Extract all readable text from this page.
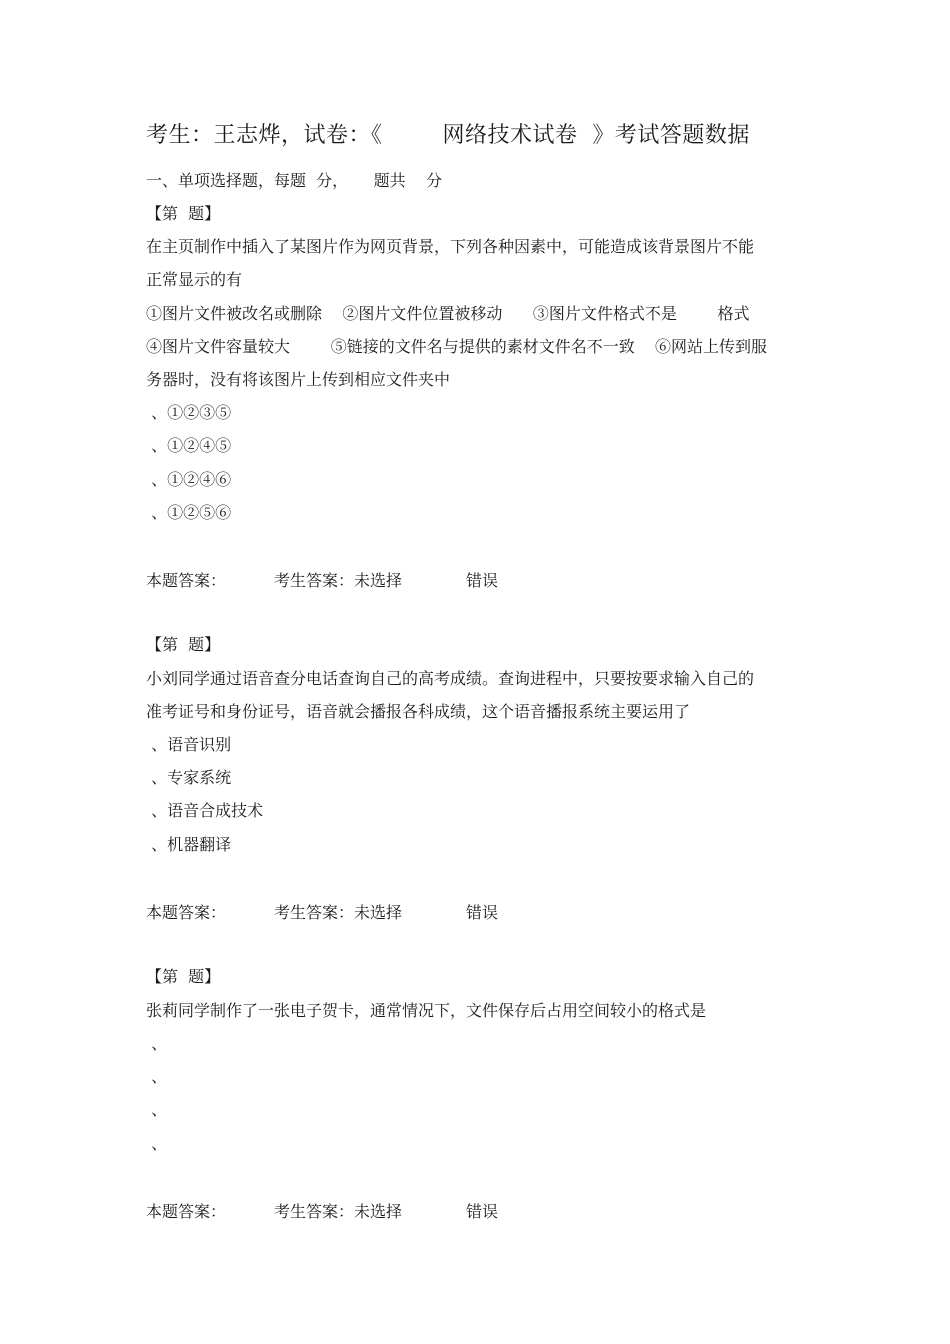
考生：王志烨，试卷：《        网络技术试卷  》考试答题数据
一、单项选择题，每题  分，     题共    分
【第  题】
在主页制作中插入了某图片作为网页背景，下列各种因素中，可能造成该背景图片不能
正常显示的有
①图片文件被改名或删除    ②图片文件位置被移动      ③图片文件格式不是        格式
④图片文件容量较大        ⑤链接的文件名与提供的素材文件名不一致    ⑥网站上传到服
务器时，没有将该图片上传到相应文件夹中
、①②③⑤
、①②④⑤
、①②④⑥
、①②⑤⑥

本题答案：

	考生答案：未选择

	错误

【第  题】
小刘同学通过语音查分电话查询自己的高考成绩。查询进程中，只要按要求输入自己的
准考证号和身份证号，语音就会播报各科成绩，这个语音播报系统主要运用了
、语音识别
、专家系统
、语音合成技术
、机器翻译

本题答案：

	考生答案：未选择

	错误

【第  题】
张莉同学制作了一张电子贺卡，通常情况下，文件保存后占用空间较小的格式是
、
、
、
、

本题答案：

	考生答案：未选择

	错误
